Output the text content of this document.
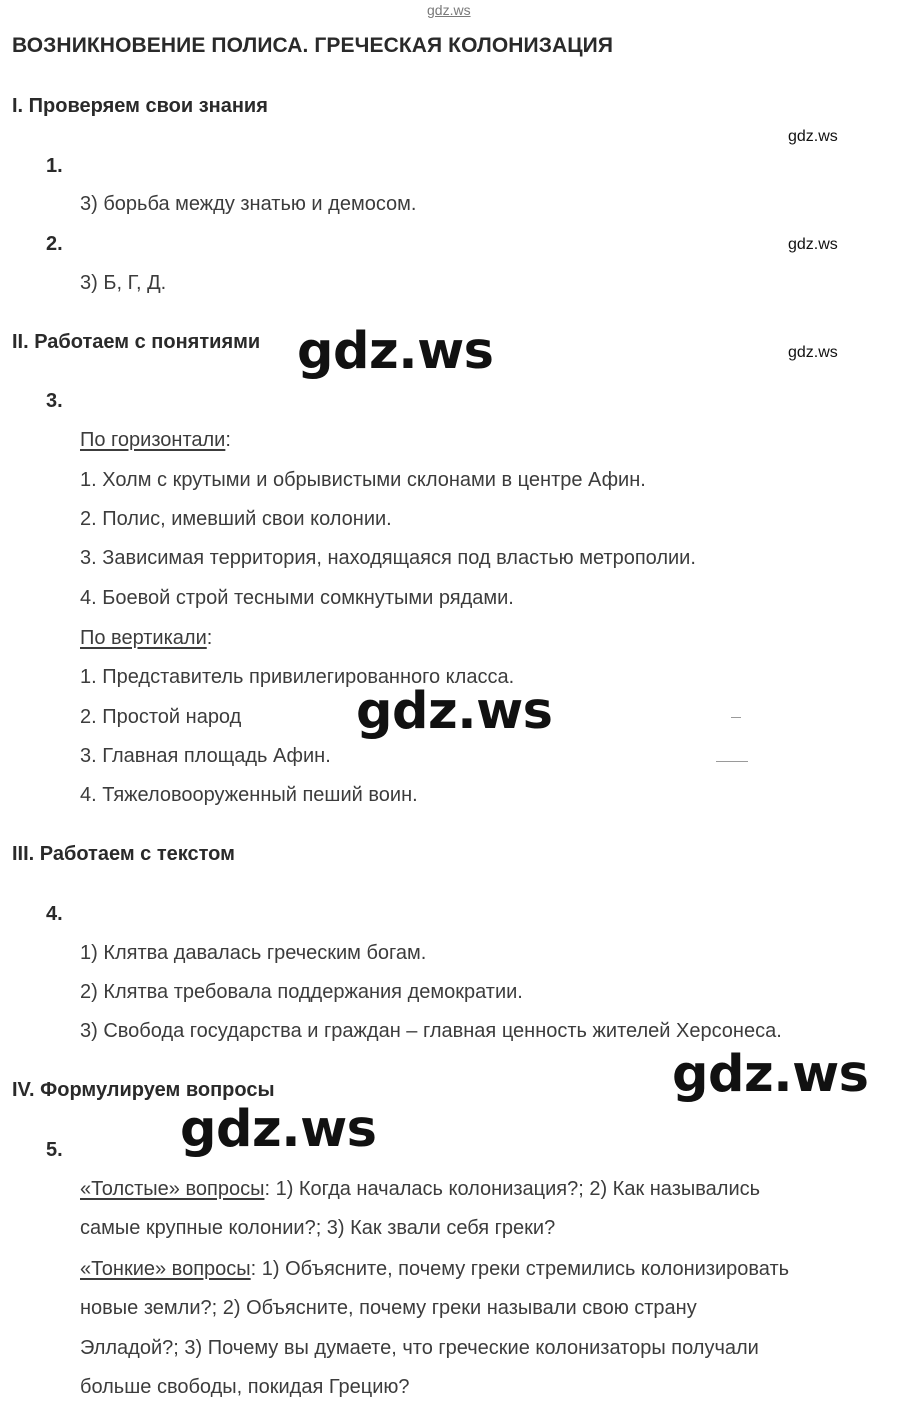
gdz.ws
ВОЗНИКНОВЕНИЕ ПОЛИСА. ГРЕЧЕСКАЯ КОЛОНИЗАЦИЯ
I. Проверяем свои знания
gdz.ws
1.
3) борьба между знатью и демосом.
2.	gdz.ws
3) Б, Г, Д.
II. Работаем с понятиями gdz.ws	gdz.ws
3.
По горизонтали:
1. Холм с крутыми и обрывистыми склонами в центре Афин.
2. Полис, имевший свои колонии.
3. Зависимая территория, находящаяся под властью метрополии.
4. Боевой строй тесными сомкнутыми рядами.
По вертикали:
1. Представитель привилегированного класса.
2. Простой народ
3. Главная площадь Афин.
4. Тяжеловооруженный пеший воин.
gdz.ws
III. Работаем с текстом
4.
1) Клятва давалась греческим богам.
2) Клятва требовала поддержания демократии.
3) Свобода государства и граждан – главная ценность жителей Херсонеса.
IV. Формулируем вопросы	gdz.ws
gdz.ws
5.
«Толстые» вопросы: 1) Когда началась колонизация?; 2) Как назывались
самые крупные колонии?; 3) Как звали себя греки?
«Тонкие» вопросы: 1) Объясните, почему греки стремились колонизировать
новые земли?; 2) Объясните, почему греки называли свою страну
Элладой?; 3) Почему вы думаете, что греческие колонизаторы получали
больше свободы, покидая Грецию?
